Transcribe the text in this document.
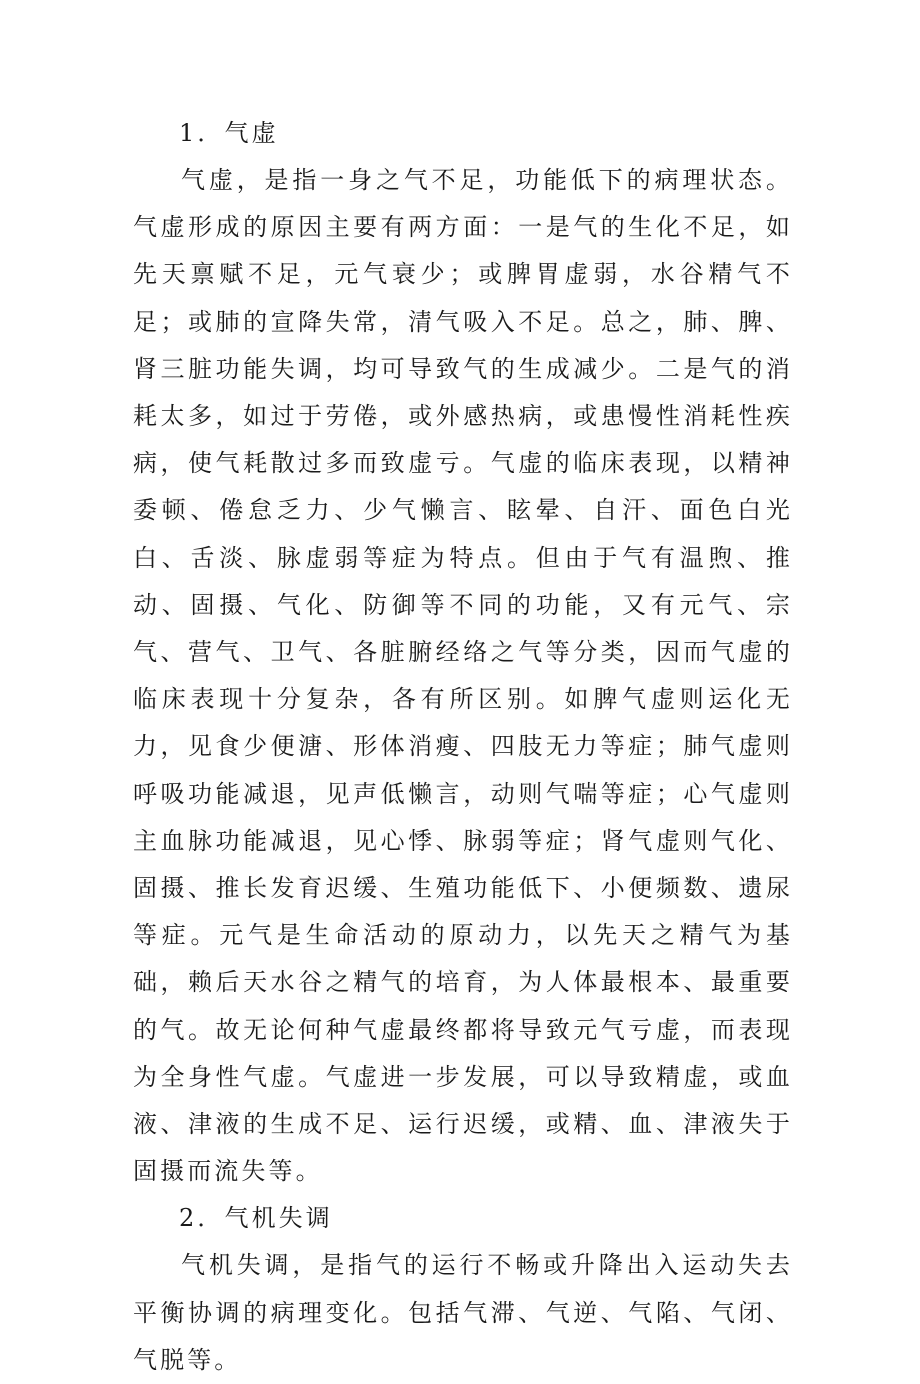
1．气虚

气虚，是指一身之气不足，功能低下的病理状态。气虚形成的原因主要有两方面：一是气的生化不足，如先天禀赋不足，元气衰少；或脾胃虚弱，水谷精气不足；或肺的宣降失常，清气吸入不足。总之，肺、脾、肾三脏功能失调，均可导致气的生成减少。二是气的消耗太多，如过于劳倦，或外感热病，或患慢性消耗性疾病，使气耗散过多而致虚亏。气虚的临床表现，以精神委顿、倦怠乏力、少气懒言、眩晕、自汗、面色白光白、舌淡、脉虚弱等症为特点。但由于气有温煦、推动、固摄、气化、防御等不同的功能，又有元气、宗气、营气、卫气、各脏腑经络之气等分类，因而气虚的临床表现十分复杂，各有所区别。如脾气虚则运化无力，见食少便溏、形体消瘦、四肢无力等症；肺气虚则呼吸功能减退，见声低懒言，动则气喘等症；心气虚则主血脉功能减退，见心悸、脉弱等症；肾气虚则气化、固摄、推长发育迟缓、生殖功能低下、小便频数、遗尿等症。元气是生命活动的原动力，以先天之精气为基础，赖后天水谷之精气的培育，为人体最根本、最重要的气。故无论何种气虚最终都将导致元气亏虚，而表现为全身性气虚。气虚进一步发展，可以导致精虚，或血液、津液的生成不足、运行迟缓，或精、血、津液失于固摄而流失等。

2．气机失调

气机失调，是指气的运行不畅或升降出入运动失去平衡协调的病理变化。包括气滞、气逆、气陷、气闭、气脱等。
